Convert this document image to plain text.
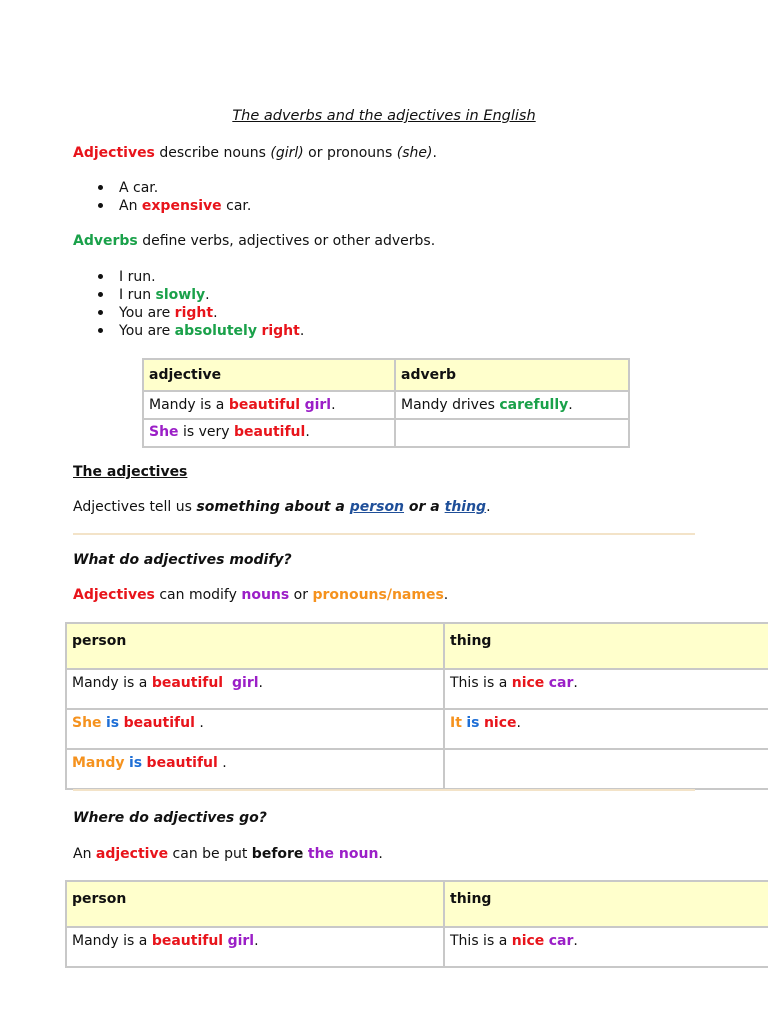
The adverbs and the adjectives in English
Adjectives describe nouns (girl) or pronouns (she).
A car.
An expensive car.
Adverbs define verbs, adjectives or other adverbs.
I run.
I run slowly.
You are right.
You are absolutely right.
adjective	adverb
Mandy is a beautiful girl.	Mandy drives carefully.
She is very beautiful.	
The adjectives
Adjectives tell us something about a person or a thing.
What do adjectives modify?
Adjectives can modify nouns or pronouns/names.
person	thing
Mandy is a beautiful girl.	This is a nice car.
She is beautiful .	It is nice.
Mandy is beautiful .	
Where do adjectives go?
An adjective can be put before the noun.
person	thing
Mandy is a beautiful girl.	This is a nice car.
